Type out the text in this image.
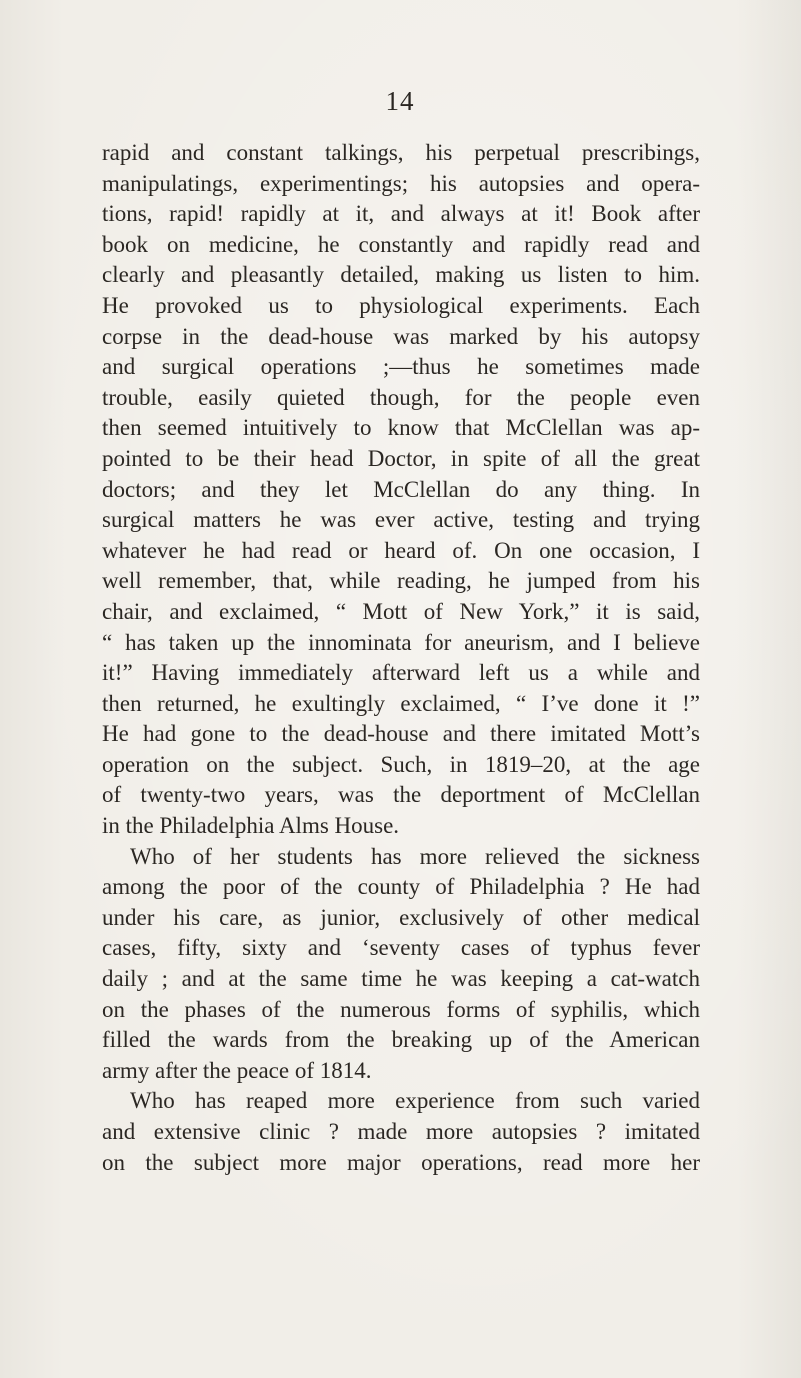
14
rapid and constant talkings, his perpetual prescribings,
manipulatings, experimentings; his autopsies and opera-
tions, rapid! rapidly at it, and always at it! Book after
book on medicine, he constantly and rapidly read and
clearly and pleasantly detailed, making us listen to him.
He provoked us to physiological experiments. Each
corpse in the dead-house was marked by his autopsy
and surgical operations ;—thus he sometimes made
trouble, easily quieted though, for the people even
then seemed intuitively to know that McClellan was ap-
pointed to be their head Doctor, in spite of all the great
doctors; and they let McClellan do any thing. In
surgical matters he was ever active, testing and trying
whatever he had read or heard of. On one occasion, I
well remember, that, while reading, he jumped from his
chair, and exclaimed, “ Mott of New York,” it is said,
“ has taken up the innominata for aneurism, and I believe
it!” Having immediately afterward left us a while and
then returned, he exultingly exclaimed, “ I’ve done it !”
He had gone to the dead-house and there imitated Mott’s
operation on the subject. Such, in 1819–20, at the age
of twenty-two years, was the deportment of McClellan
in the Philadelphia Alms House.
Who of her students has more relieved the sickness
among the poor of the county of Philadelphia ? He had
under his care, as junior, exclusively of other medical
cases, fifty, sixty and ‘seventy cases of typhus fever
daily ; and at the same time he was keeping a cat-watch
on the phases of the numerous forms of syphilis, which
filled the wards from the breaking up of the American
army after the peace of 1814.
Who has reaped more experience from such varied
and extensive clinic ? made more autopsies ? imitated
on the subject more major operations, read more her
